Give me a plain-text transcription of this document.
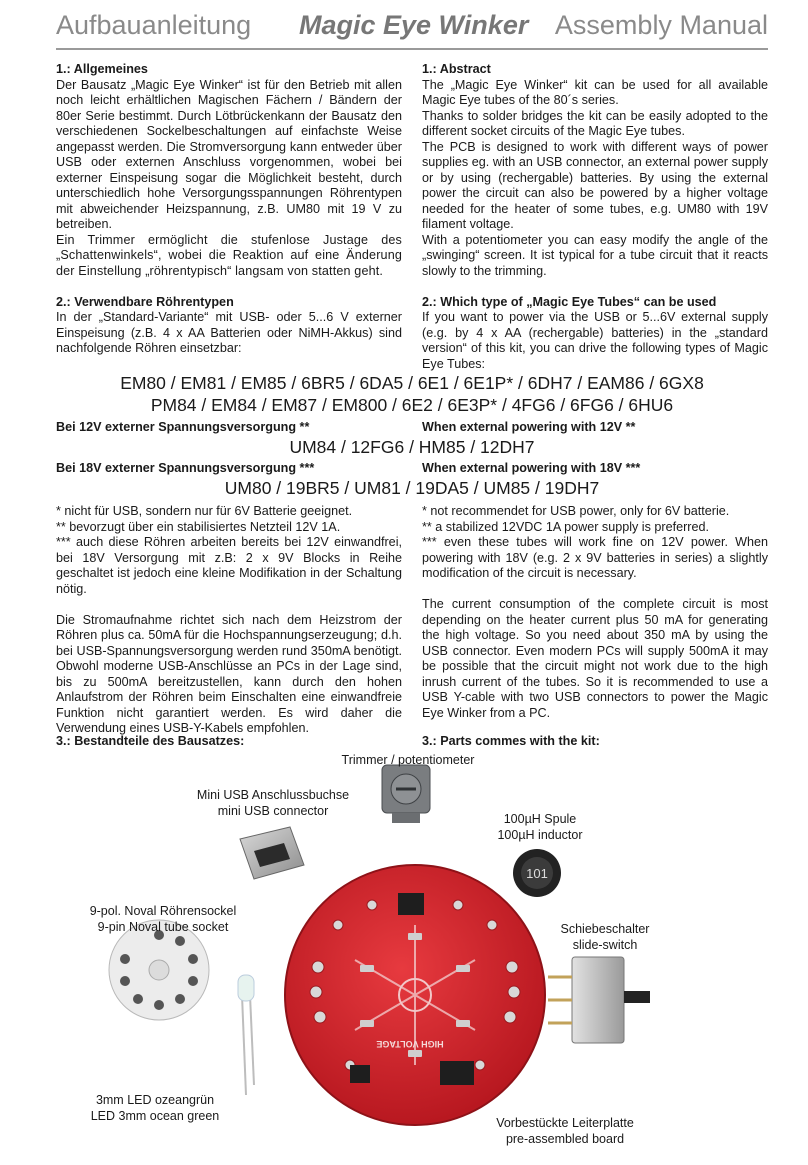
Aufbauanleitung Magic Eye Winker Assembly Manual
1.: Allgemeines

Der Bausatz „Magic Eye Winker“ ist für den Betrieb mit allen noch leicht erhältlichen Magischen Fächern / Bändern der 80er Serie bestimmt. Durch Lötbrückenkann der Bausatz den verschiedenen Sockelbeschaltungen auf einfachste Weise angepasst werden. Die Stromversorgung kann entweder über USB oder externen Anschluss vorgenommen, wobei bei externer Einspeisung sogar die Möglichkeit besteht, durch unterschiedlich hohe Versorgungsspannungen Röhrentypen mit abweichender Heizspannung, z.B. UM80 mit 19 V zu betreiben.

Ein Trimmer ermöglicht die stufenlose Justage des „Schattenwinkels“, wobei die Reaktion auf eine Änderung der Einstellung „röhrentypisch“ langsam von statten geht.

2.: Verwendbare Röhrentypen

In der „Standard-Variante“ mit USB- oder 5...6 V externer Einspeisung (z.B. 4 x AA Batterien oder NiMH-Akkus) sind nachfolgende Röhren einsetzbar:

1.: Abstract

The „Magic Eye Winker“ kit can be used for all available Magic Eye tubes of the 80´s series.

Thanks to solder bridges the kit can be easily adopted to the different socket circuits of the Magic Eye tubes.

The PCB is designed to work with different ways of power supplies eg. with an USB connector, an external power supply or by using (rechergable) batteries. By using the external power the circuit can also be powered by a higher voltage needed for the heater of some tubes, e.g. UM80 with 19V filament voltage.

With a potentiometer you can easy modify the angle of the „swinging“ screen. It ist typical for a tube circuit that it reacts slowly to the trimming.

2.: Which type of „Magic Eye Tubes“ can be used

If you want to power via the USB or 5...6V external supply (e.g. by 4 x AA (rechergable) batteries) in the „standard version“ of this kit, you can drive the following types of Magic Eye Tubes:

EM80 / EM81 / EM85 / 6BR5 / 6DA5 / 6E1 / 6E1P* / 6DH7 / EAM86 / 6GX8
PM84 / EM84 / EM87 / EM800 / 6E2 / 6E3P* / 4FG6 / 6FG6 / 6HU6
Bei 12V externer Spannungsversorgung **	When external powering with 12V **
UM84 / 12FG6 / HM85 / 12DH7
Bei 18V externer Spannungsversorgung ***	When external powering with 18V ***
UM80 / 19BR5 / UM81 / 19DA5 / UM85 / 19DH7

* nicht für USB, sondern nur für 6V Batterie geeignet.

** bevorzugt über ein stabilisiertes Netzteil 12V 1A.

*** auch diese Röhren arbeiten bereits bei 12V einwandfrei, bei 18V Versorgung mit z.B: 2 x 9V Blocks in Reihe geschaltet ist jedoch eine kleine Modifikation in der Schaltung nötig.

Die Stromaufnahme richtet sich nach dem Heizstrom der Röhren plus ca. 50mA für die Hochspannungserzeugung; d.h. bei USB-Spannungsversorgung werden rund 350mA benötigt. Obwohl moderne USB-Anschlüsse an PCs in der Lage sind, bis zu 500mA bereitzustellen, kann durch den hohen Anlaufstrom der Röhren beim Einschalten eine einwandfreie Funktion nicht garantiert werden. Es wird daher die Verwendung eines USB-Y-Kabels empfohlen.

* not recommendet for USB power, only for 6V batterie.

** a stabilized 12VDC 1A power supply is preferred.

*** even these tubes will work fine on 12V power. When powering with 18V (e.g. 2 x 9V batteries in series) a slightly modification of the circuit is necessary.

The current consumption of the complete circuit is most depending on the heater current plus 50 mA for generating the high voltage. So you need about 350 mA by using the USB connector. Even modern PCs will supply 500mA it may be possible that the circuit might not work due to the high inrush current of the tubes. So it is recommended to use a USB Y-cable with two USB connectors to power the Magic Eye Winker from a PC.

3.: Bestandteile des Bausatzes:	3.: Parts commes with the kit:
HIGH VOLTAGE
101
Trimmer / potentiometer
Mini USB Anschlussbuchse
mini USB connector
100µH Spule
100µH inductor
9-pol. Noval Röhrensockel
9-pin Noval tube socket	Schiebeschalter
slide-switch
3mm LED ozeangrün
LED 3mm ocean green	Vorbestückte Leiterplatte
pre-assembled board
